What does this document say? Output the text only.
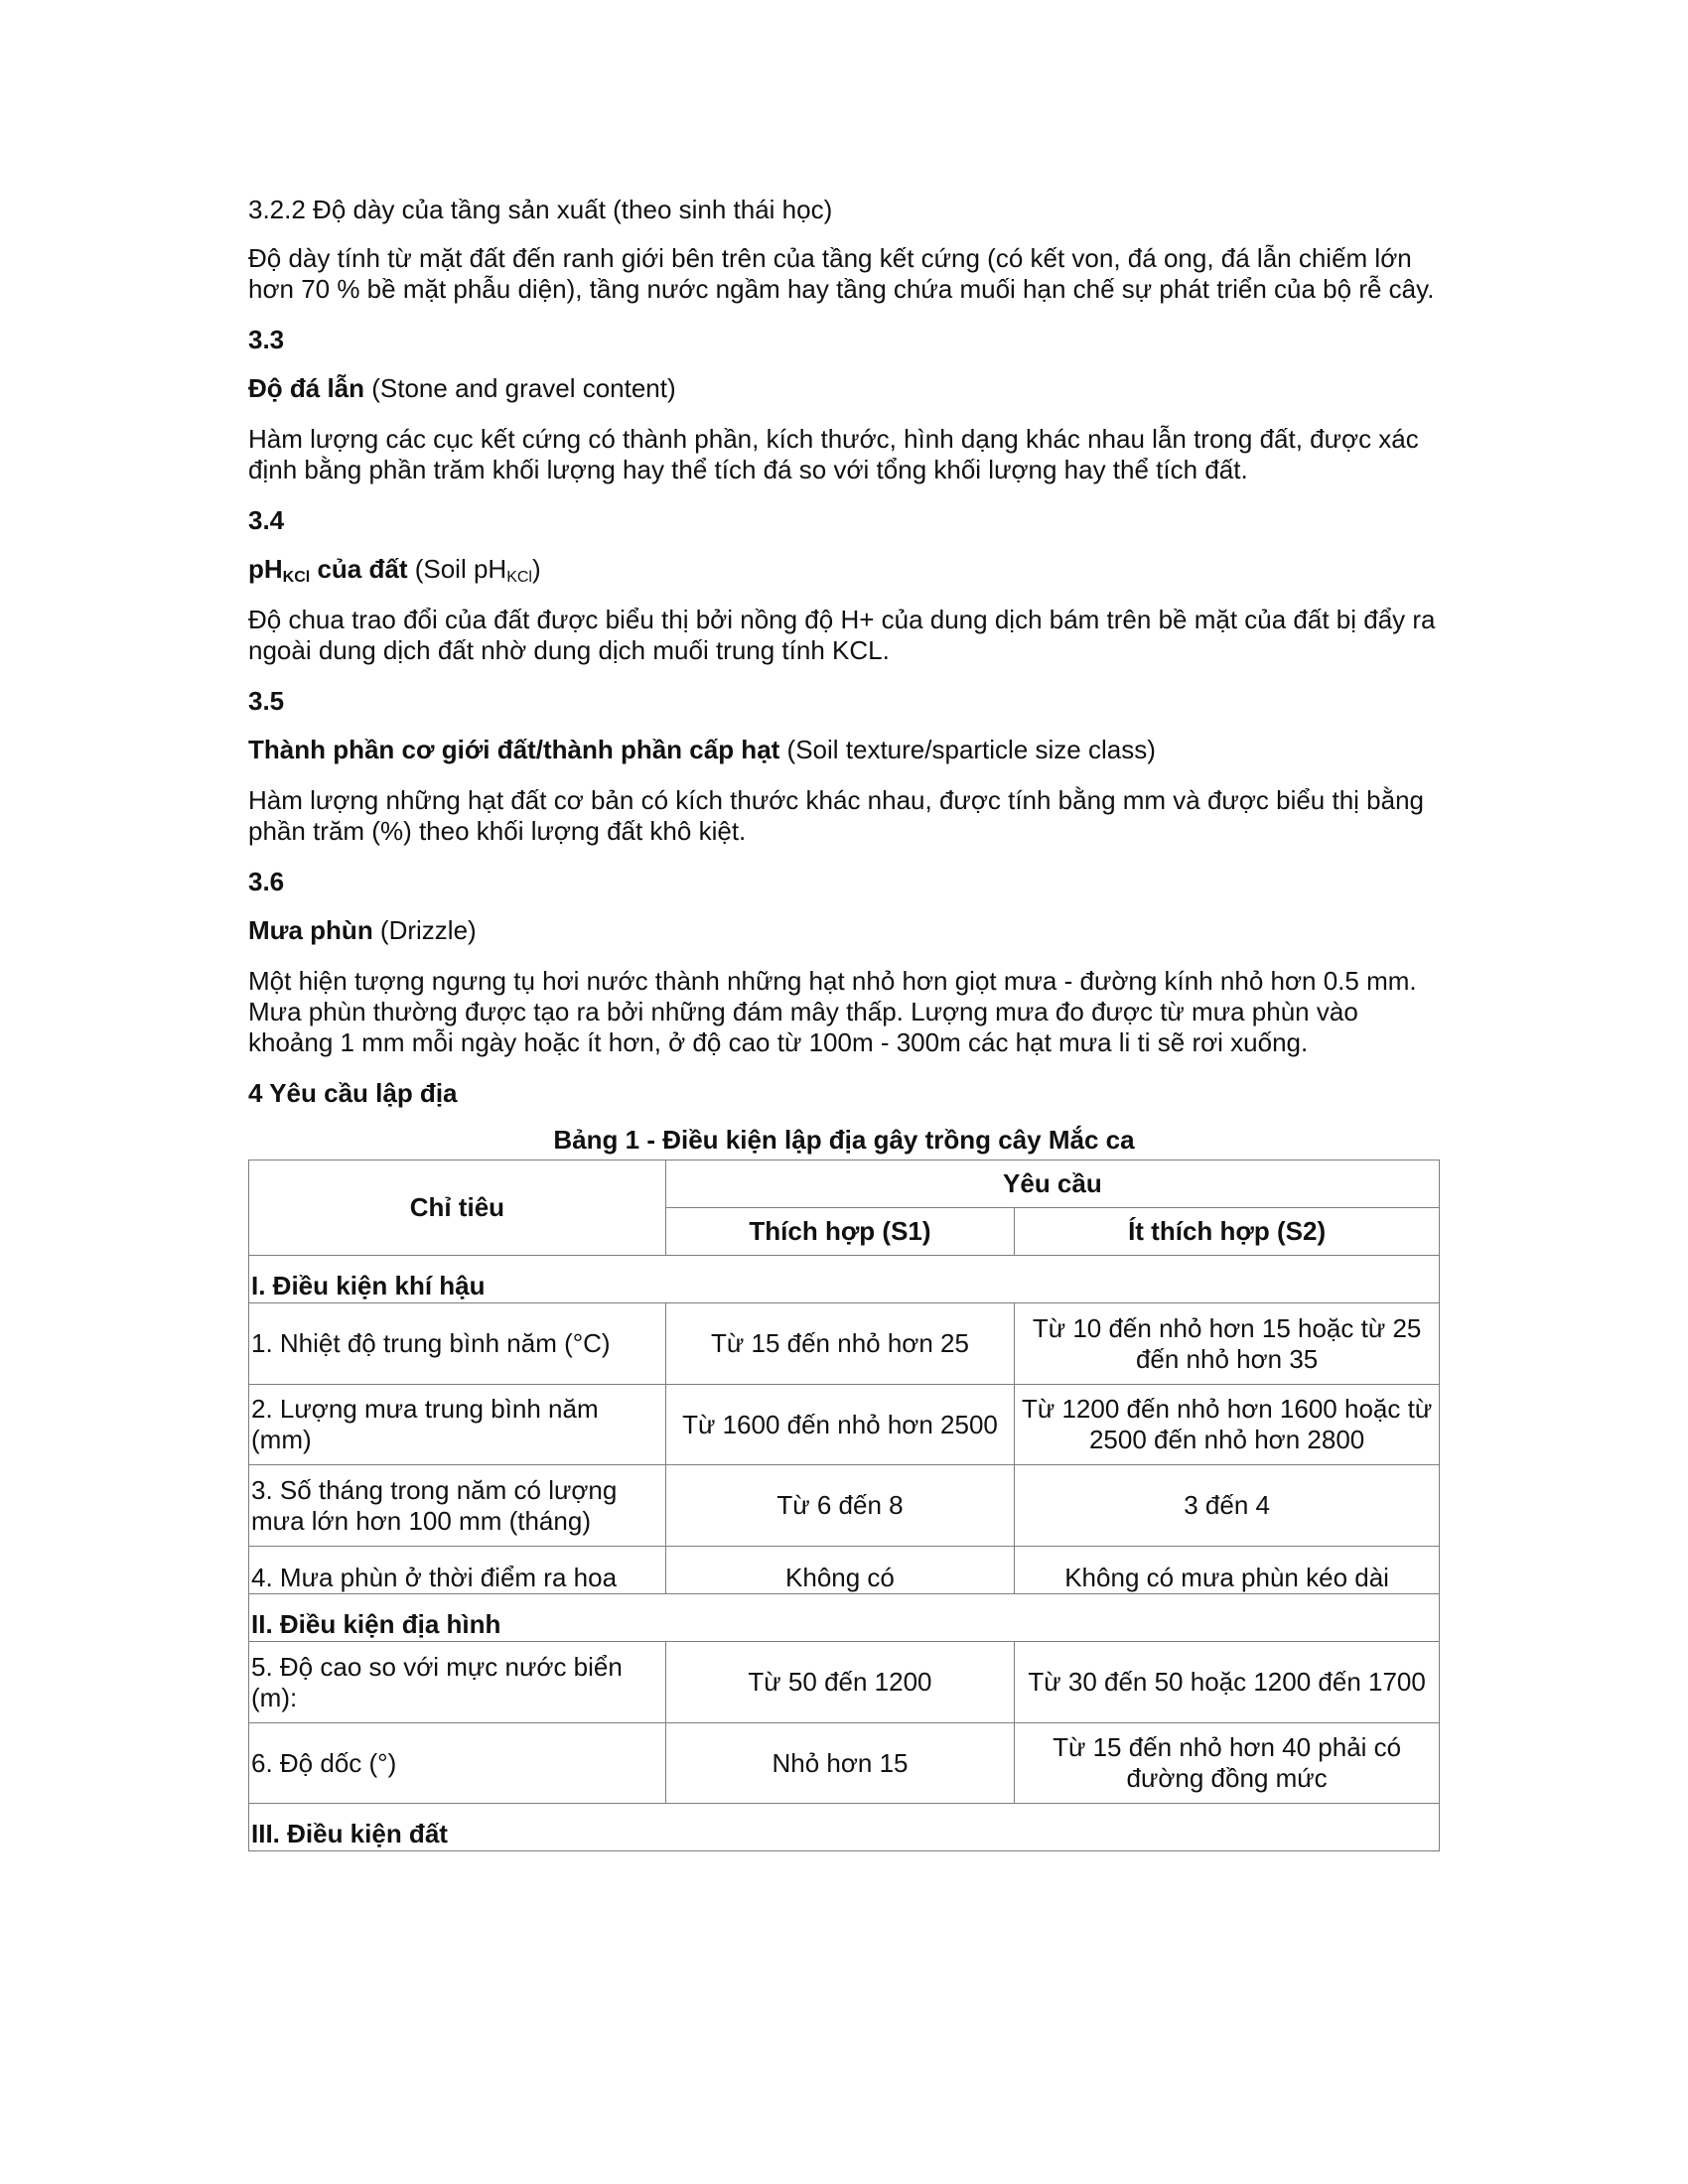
3.2.2 Độ dày của tầng sản xuất (theo sinh thái học)

Độ dày tính từ mặt đất đến ranh giới bên trên của tầng kết cứng (có kết von, đá ong, đá lẫn chiếm lớn hơn 70 % bề mặt phẫu diện), tầng nước ngầm hay tầng chứa muối hạn chế sự phát triển của bộ rễ cây.

3.3

Độ đá lẫn (Stone and gravel content)

Hàm lượng các cục kết cứng có thành phần, kích thước, hình dạng khác nhau lẫn trong đất, được xác định bằng phần trăm khối lượng hay thể tích đá so với tổng khối lượng hay thể tích đất.

3.4

$pH_{KCl}$ của đất (Soil $pH_{KCl}$)

Độ chua trao đổi của đất được biểu thị bởi nồng độ H+ của dung dịch bám trên bề mặt của đất bị đẩy ra ngoài dung dịch đất nhờ dung dịch muối trung tính KCL.

3.5

Thành phần cơ giới đất/thành phần cấp hạt (Soil texture/sparticle size class)

Hàm lượng những hạt đất cơ bản có kích thước khác nhau, được tính bằng mm và được biểu thị bằng phần trăm (%) theo khối lượng đất khô kiệt.

3.6

Mưa phùn (Drizzle)

Một hiện tượng ngưng tụ hơi nước thành những hạt nhỏ hơn giọt mưa - đường kính nhỏ hơn 0.5 mm. Mưa phùn thường được tạo ra bởi những đám mây thấp. Lượng mưa đo được từ mưa phùn vào khoảng 1 mm mỗi ngày hoặc ít hơn, ở độ cao từ 100m - 300m các hạt mưa li ti sẽ rơi xuống.

4 Yêu cầu lập địa

Bảng 1 - Điều kiện lập địa gây trồng cây Mắc ca

Chỉ tiêu	Yêu cầu	
	Thích hợp (S1)	Ít thích hợp (S2)
I. Điều kiện khí hậu		
1. Nhiệt độ trung bình năm (°C)	Từ 15 đến nhỏ hơn 25	Từ 10 đến nhỏ hơn 15 hoặc từ 25 đến nhỏ hơn 35
2. Lượng mưa trung bình năm (mm)	Từ 1600 đến nhỏ hơn 2500	Từ 1200 đến nhỏ hơn 1600 hoặc từ 2500 đến nhỏ hơn 2800
3. Số tháng trong năm có lượng mưa lớn hơn 100 mm (tháng)	Từ 6 đến 8	3 đến 4
4. Mưa phùn ở thời điểm ra hoa	Không có	Không có mưa phùn kéo dài
II. Điều kiện địa hình		
5. Độ cao so với mực nước biển (m):	Từ 50 đến 1200	Từ 30 đến 50 hoặc 1200 đến 1700
6. Độ dốc (°)	Nhỏ hơn 15	Từ 15 đến nhỏ hơn 40 phải có đường đồng mức
III. Điều kiện đất		
